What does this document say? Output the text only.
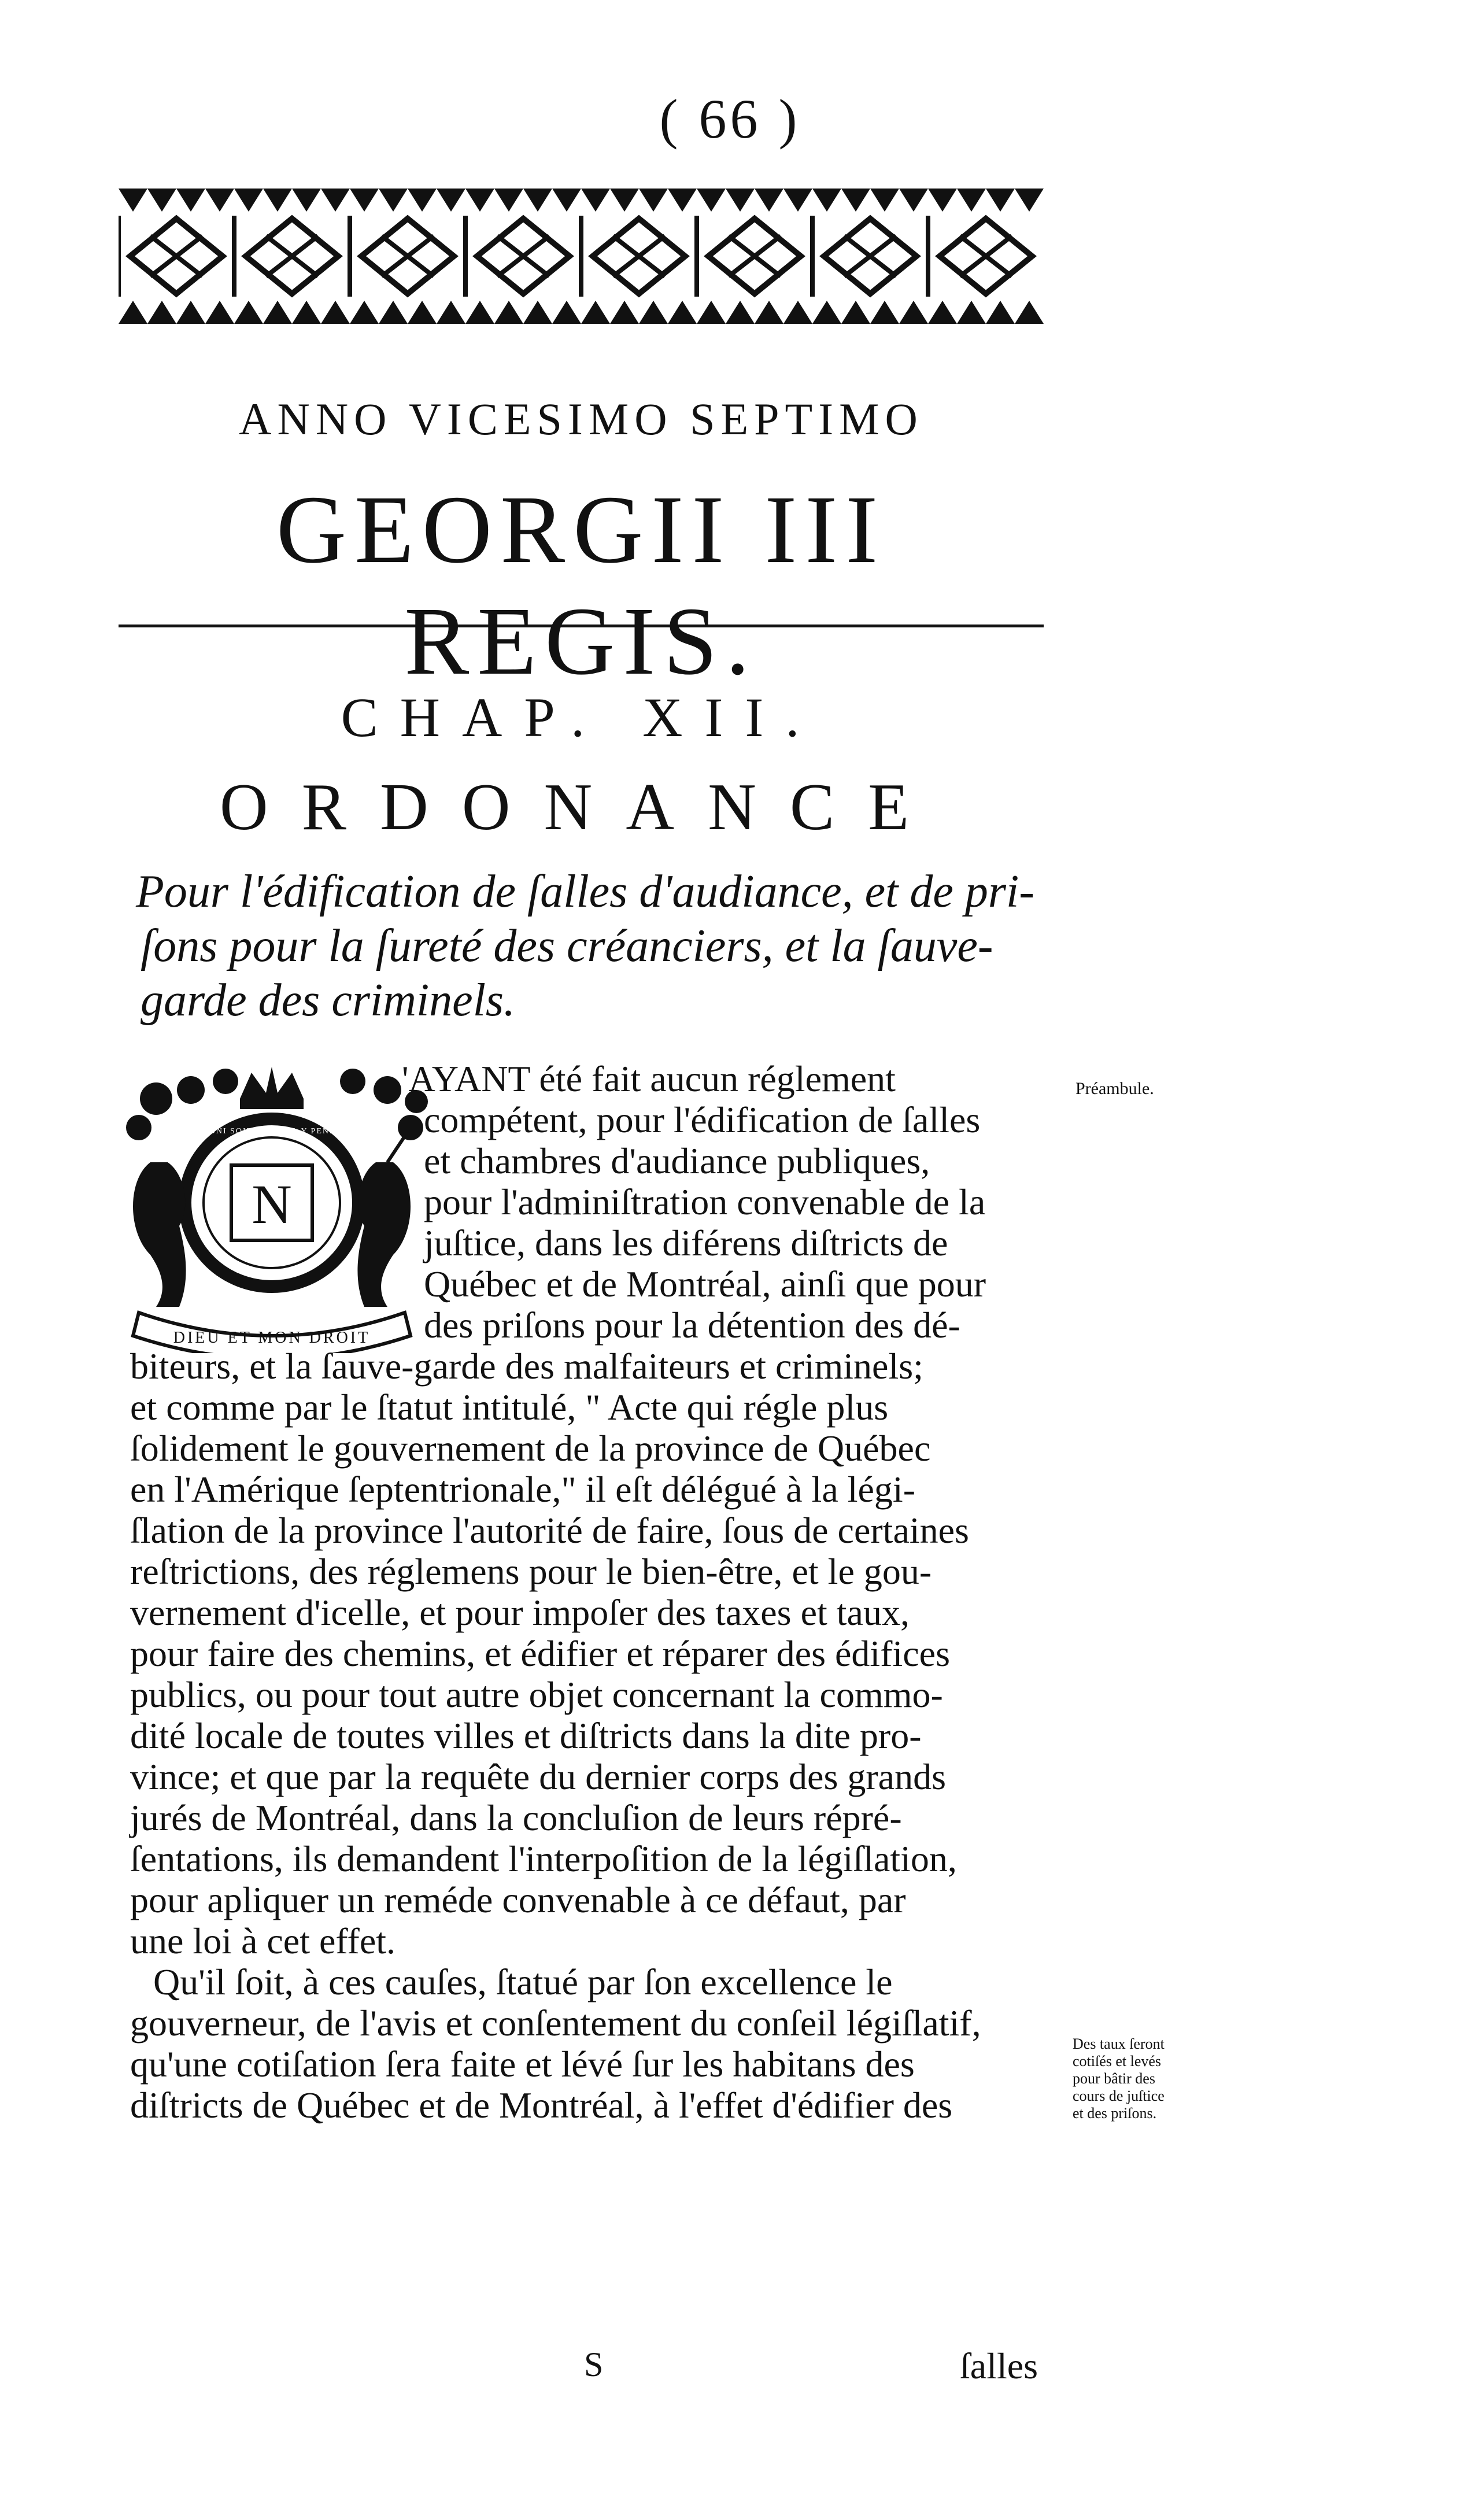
( 66 )
ANNO VICESIMO SEPTIMO
GEORGII III REGIS.
CHAP. XII.
ORDONANCE
Pour l'édification de ſalles d'audiance, et de pri-
ſons pour la ſureté des créanciers, et la ſauve-
garde des criminels.
N
DIEU ET MON DROIT
HONI SOIT QUI MAL Y PENSE
'AYANT été fait aucun réglement
compétent, pour l'édification de ſalles
et chambres d'audiance publiques,
pour l'adminiſtration convenable de la
juſtice, dans les diférens diſtricts de
Québec et de Montréal, ainſi que pour
des priſons pour la détention des dé-
biteurs, et la ſauve-garde des malfaiteurs et criminels;
et comme par le ſtatut intitulé, " Acte qui régle plus
ſolidement le gouvernement de la province de Québec
en l'Amérique ſeptentrionale," il eſt délégué à la légi-
ſlation de la province l'autorité de faire, ſous de certaines
reſtrictions, des réglemens pour le bien-être, et le gou-
vernement d'icelle, et pour impoſer des taxes et taux,
pour faire des chemins, et édifier et réparer des édifices
publics, ou pour tout autre objet concernant la commo-
dité locale de toutes villes et diſtricts dans la dite pro-
vince; et que par la requête du dernier corps des grands
jurés de Montréal, dans la concluſion de leurs répré-
ſentations, ils demandent l'interpoſition de la légiſlation,
pour apliquer un reméde convenable à ce défaut, par
une loi à cet effet.
Qu'il ſoit, à ces cauſes, ſtatué par ſon excellence le
gouverneur, de l'avis et conſentement du conſeil légiſlatif,
qu'une cotiſation ſera faite et lévé ſur les habitans des
diſtricts de Québec et de Montréal, à l'effet d'édifier des
Préambule.
Des taux ſeront
cotiſés et levés
pour bâtir des
cours de juſtice
et des priſons.
S	ſalles
